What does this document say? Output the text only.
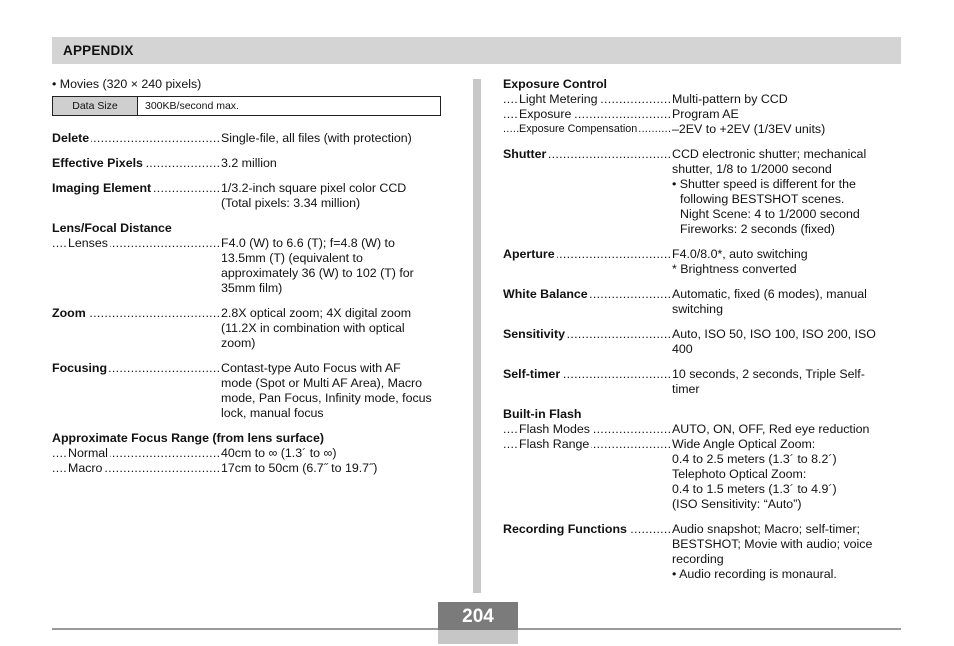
APPENDIX
• Movies (320 × 240 pixels)
Data Size	300KB/second max.
Delete .....	Single-file, all files (with protection)
Effective Pixels .....	3.2 million
Imaging Element .....	1/3.2-inch square pixel color CCD
(Total pixels: 3.34 million)
Lens/Focal Distance
Lenses .....	F4.0 (W) to 6.6 (T); f=4.8 (W) to
13.5mm (T) (equivalent to
approximately 36 (W) to 102 (T) for
35mm film)
Zoom .....	2.8X optical zoom; 4X digital zoom
(11.2X in combination with optical
zoom)
Focusing .....	Contast-type Auto Focus with AF
mode (Spot or Multi AF Area), Macro
mode, Pan Focus, Infinity mode, focus
lock, manual focus
Approximate Focus Range (from lens surface)
Normal .....	40cm to ∞ (1.3´ to ∞)
Macro .....	17cm to 50cm (6.7˝ to 19.7˝)
Exposure Control
Light Metering .....	Multi-pattern by CCD
Exposure .....	Program AE
Exposure Compensation .....	–2EV to +2EV (1/3EV units)
Shutter .....	CCD electronic shutter; mechanical
shutter, 1/8 to 1/2000 second
• Shutter speed is different for the
following BESTSHOT scenes.
Night Scene: 4 to 1/2000 second
Fireworks: 2 seconds (fixed)
Aperture .....	F4.0/8.0*, auto switching
* Brightness converted
White Balance .....	Automatic, fixed (6 modes), manual
switching
Sensitivity .....	Auto, ISO 50, ISO 100, ISO 200, ISO
400
Self-timer .....	10 seconds, 2 seconds, Triple Self-
timer
Built-in Flash
Flash Modes .....	AUTO, ON, OFF, Red eye reduction
Flash Range .....	Wide Angle Optical Zoom:
0.4 to 2.5 meters (1.3´ to 8.2´)
Telephoto Optical Zoom:
0.4 to 1.5 meters (1.3´ to 4.9´)
(ISO Sensitivity: “Auto”)
Recording Functions .....	Audio snapshot; Macro; self-timer;
BESTSHOT; Movie with audio; voice
recording
• Audio recording is monaural.
204
